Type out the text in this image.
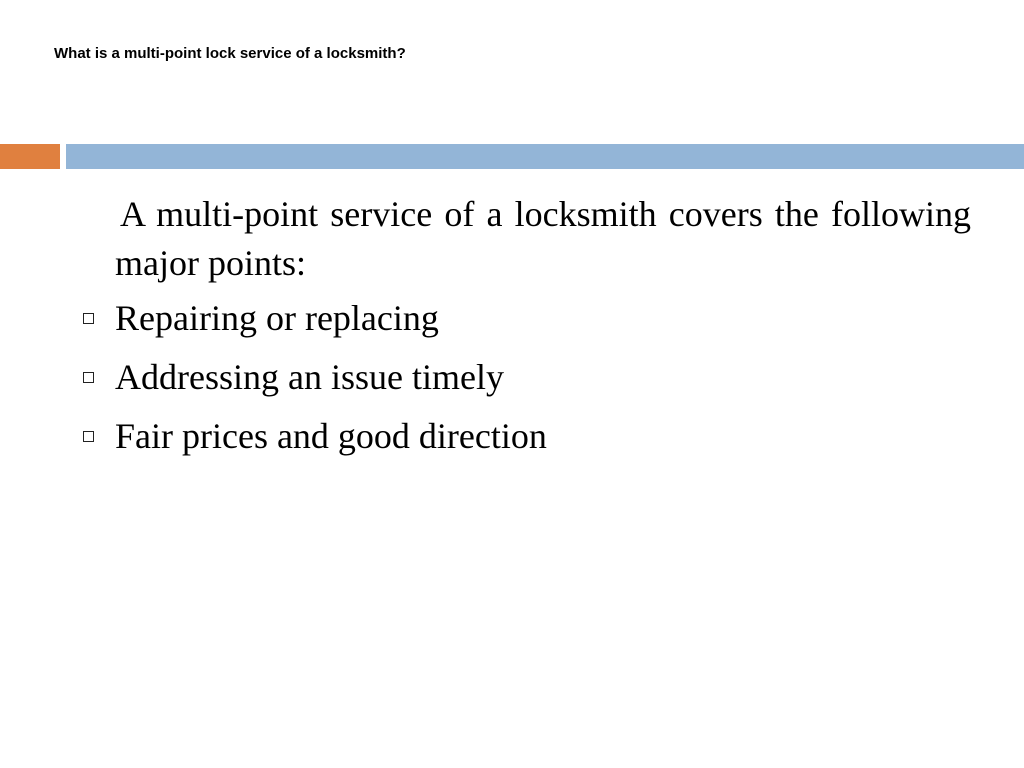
What is a multi-point lock service of a locksmith?

A multi-point service of a locksmith covers the following major points:

Repairing or replacing
Addressing an issue timely
Fair prices and good direction
